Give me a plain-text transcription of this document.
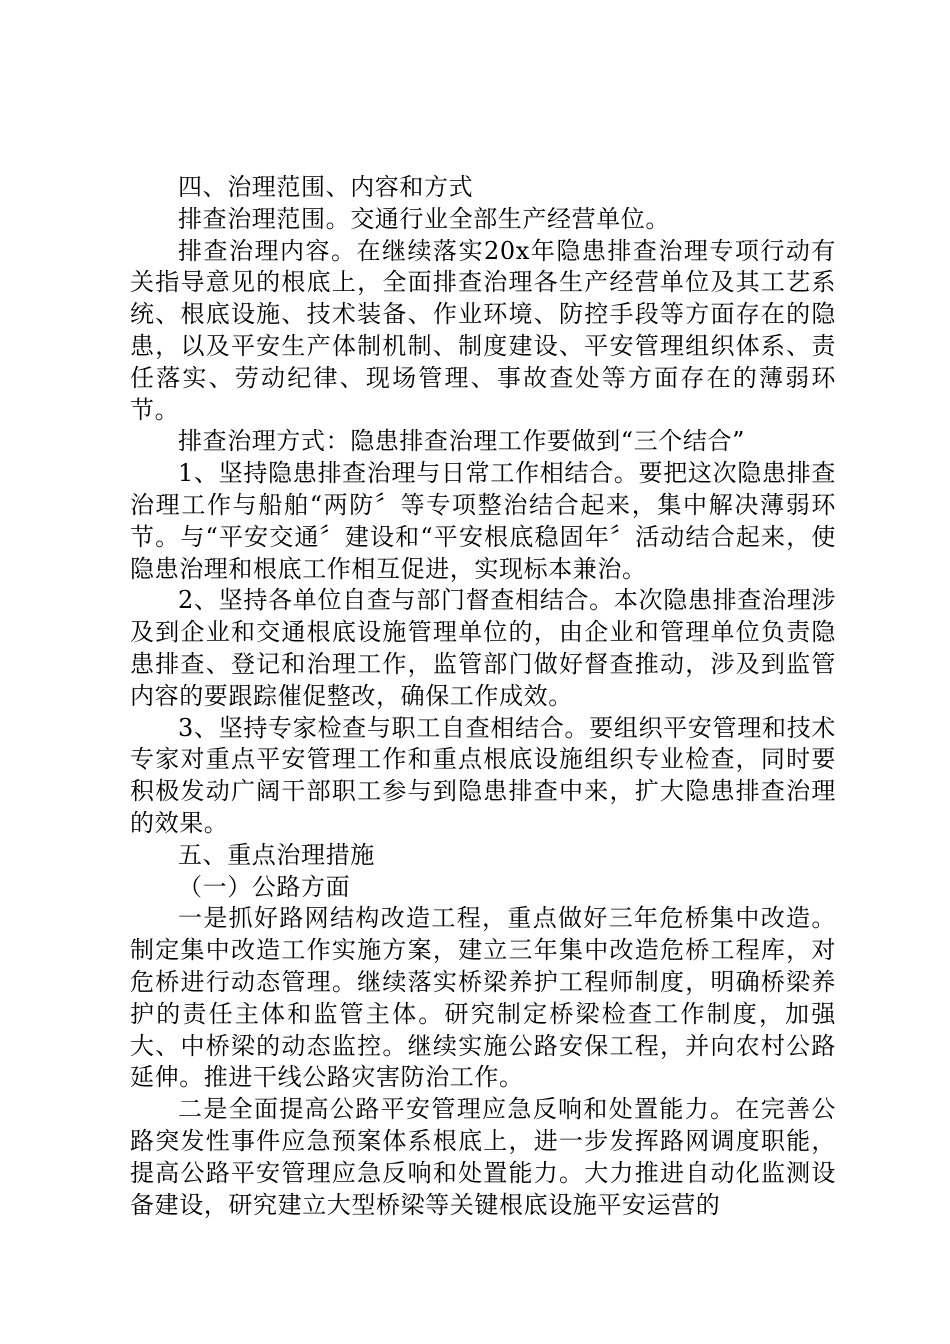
四、治理范围、内容和方式

排查治理范围。交通行业全部生产经营单位。

排查治理内容。在继续落实20x年隐患排查治理专项行动有关指导意见的根底上，全面排查治理各生产经营单位及其工艺系统、根底设施、技术装备、作业环境、防控手段等方面存在的隐患，以及平安生产体制机制、制度建设、平安管理组织体系、责任落实、劳动纪律、现场管理、事故查处等方面存在的薄弱环节。

排查治理方式：隐患排查治理工作要做到“三个结合”

1、坚持隐患排查治理与日常工作相结合。要把这次隐患排查治理工作与船舶“两防〞等专项整治结合起来，集中解决薄弱环节。与“平安交通〞建设和“平安根底稳固年〞活动结合起来，使隐患治理和根底工作相互促进，实现标本兼治。

2、坚持各单位自查与部门督查相结合。本次隐患排查治理涉及到企业和交通根底设施管理单位的，由企业和管理单位负责隐患排查、登记和治理工作，监管部门做好督查推动，涉及到监管内容的要跟踪催促整改，确保工作成效。

3、坚持专家检查与职工自查相结合。要组织平安管理和技术专家对重点平安管理工作和重点根底设施组织专业检查，同时要积极发动广阔干部职工参与到隐患排查中来，扩大隐患排查治理的效果。

五、重点治理措施

（一）公路方面

一是抓好路网结构改造工程，重点做好三年危桥集中改造。制定集中改造工作实施方案，建立三年集中改造危桥工程库，对危桥进行动态管理。继续落实桥梁养护工程师制度，明确桥梁养护的责任主体和监管主体。研究制定桥梁检查工作制度，加强大、中桥梁的动态监控。继续实施公路安保工程，并向农村公路延伸。推进干线公路灾害防治工作。

二是全面提高公路平安管理应急反响和处置能力。在完善公路突发性事件应急预案体系根底上，进一步发挥路网调度职能，提高公路平安管理应急反响和处置能力。大力推进自动化监测设备建设，研究建立大型桥梁等关键根底设施平安运营的
